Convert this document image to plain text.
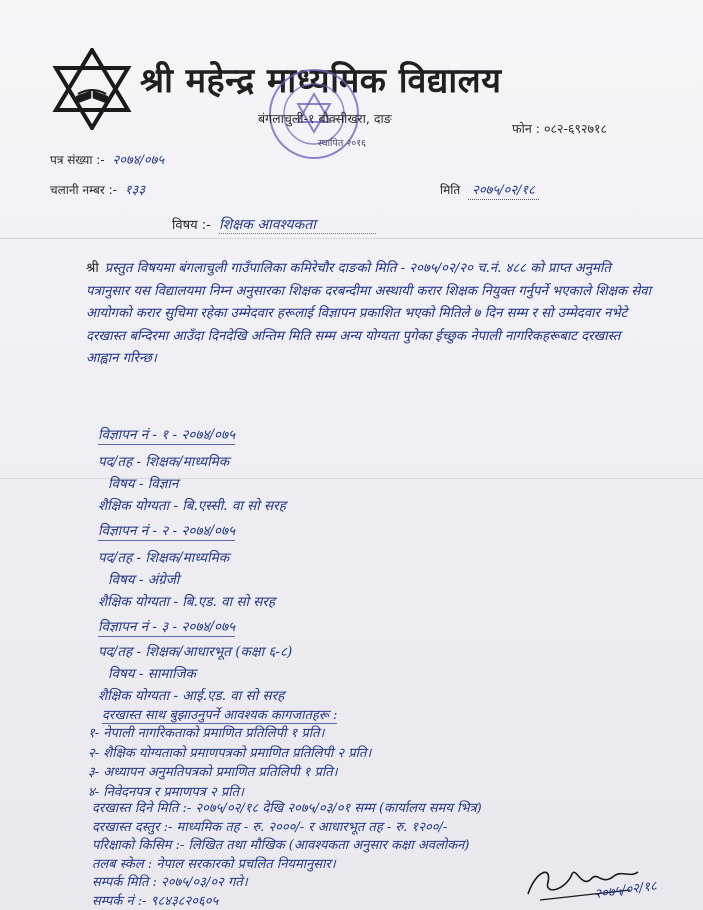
श्री महेन्द्र माध्यमिक विद्यालय
बंगलाचुली-१ बोक्सीखरा, दाङ
स्थापित २०१६
फोन : ०८२-६९२७१८
पत्र संख्या :- २०७४/०७५
चलानी नम्बर :- १३३	मिति २०७५/०२/१८
विषय :- शिक्षक आवश्यकता
श्री प्रस्तुत विषयमा बंगलाचुली गाउँपालिका कमिरेचौर दाङको मिति - २०७५/०२/२० च.नं. ४८८ को प्राप्त अनुमति पत्रानुसार यस विद्यालयमा निम्न अनुसारका शिक्षक दरबन्दीमा अस्थायी करार शिक्षक नियुक्त गर्नुपर्ने भएकाले शिक्षक सेवा आयोगको करार सुचिमा रहेका उम्मेदवार हरूलाई विज्ञापन प्रकाशित भएको मितिले ७ दिन सम्म र सो उम्मेदवार नभेटे दरखास्त बन्दिरमा आउँदा दिनदेखि अन्तिम मिति सम्म अन्य योग्यता पुगेका ईच्छुक नेपाली नागरिकहरूबाट दरखास्त आह्वान गरिन्छ।
विज्ञापन नं - १ - २०७४/०७५
पद/तह - शिक्षक/माध्यमिक
विषय - विज्ञान
शैक्षिक योग्यता - बि.एस्सी. वा सो सरह
विज्ञापन नं - २ - २०७४/०७५
पद/तह - शिक्षक/माध्यमिक
विषय - अंग्रेजी
शैक्षिक योग्यता - बि.एड. वा सो सरह
विज्ञापन नं - ३ - २०७४/०७५
पद/तह - शिक्षक/आधारभूत (कक्षा ६-८)
विषय - सामाजिक
शैक्षिक योग्यता - आई.एड. वा सो सरह
दरखास्त साथ बुझाउनुपर्ने आवश्यक कागजातहरू :
१- नेपाली नागरिकताको प्रमाणित प्रतिलिपी १ प्रति।
२- शैक्षिक योग्यताको प्रमाणपत्रको प्रमाणित प्रतिलिपी २ प्रति।
३- अध्यापन अनुमतिपत्रको प्रमाणित प्रतिलिपी १ प्रति।
४- निवेदनपत्र र प्रमाणपत्र २ प्रति।
दरखास्त दिने मिति :- २०७५/०२/१८ देखि २०७५/०३/०१ सम्म (कार्यालय समय भित्र)
दरखास्त दस्तुर :- माध्यमिक तह - रु. २०००/- र आधारभूत तह - रु. १२००/-
परिक्षाको किसिम :- लिखित तथा मौखिक (आवश्यकता अनुसार कक्षा अवलोकन)
तलब स्केल : नेपाल सरकारको प्रचलित नियमानुसार।
सम्पर्क मिति : २०७५/०३/०२ गते।
सम्पर्क नं :- ९८४३८२०६०५	२०७५/०२/१८
